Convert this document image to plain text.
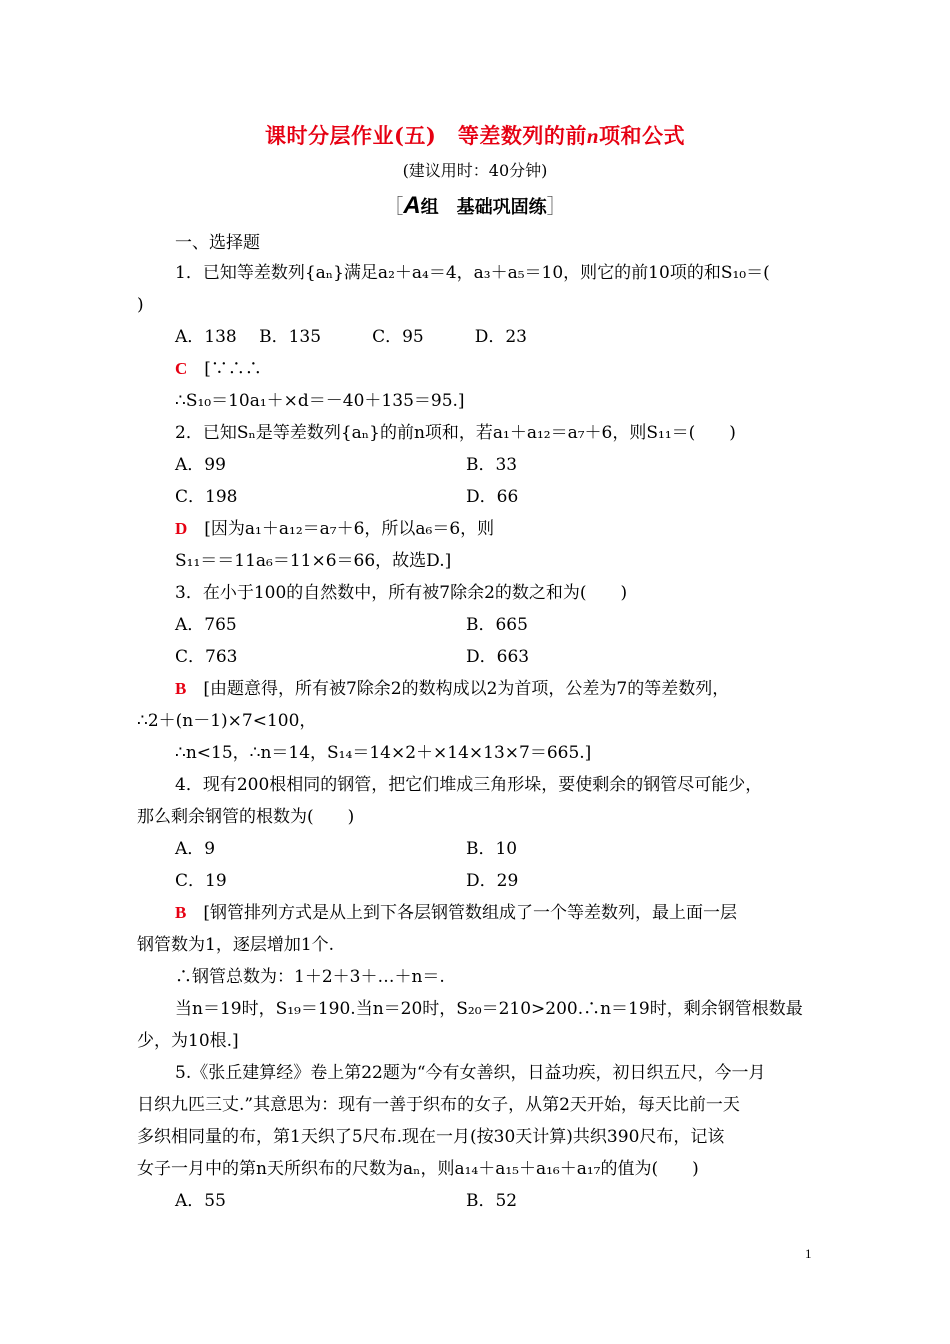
课时分层作业(五)　等差数列的前n项和公式
(建议用时：40分钟)
［A组　基础巩固练］
一、选择题
1．已知等差数列{aₙ}满足a₂＋a₄＝4，a₃＋a₅＝10，则它的前10项的和S₁₀＝(
)
A．138　 B．135　　　C．95　　　D．23
C　 [∵∴∴
∴S₁₀＝10a₁＋×d＝－40＋135＝95.]
2．已知Sₙ是等差数列{aₙ}的前n项和，若a₁＋a₁₂＝a₇＋6，则S₁₁＝(　　)
A．99	B．33
C．198	D．66
D　 [因为a₁＋a₁₂＝a₇＋6，所以a₆＝6，则
S₁₁＝＝11a₆＝11×6＝66，故选D.]
3．在小于100的自然数中，所有被7除余2的数之和为(　　)
A．765	B．665
C．763	D．663
B　 [由题意得，所有被7除余2的数构成以2为首项，公差为7的等差数列，
∴2＋(n－1)×7<100，
∴n<15，∴n＝14，S₁₄＝14×2＋×14×13×7＝665.]
4．现有200根相同的钢管，把它们堆成三角形垛，要使剩余的钢管尽可能少，
那么剩余钢管的根数为(　　)
A．9	B．10
C．19	D．29
B　 [钢管排列方式是从上到下各层钢管数组成了一个等差数列，最上面一层
钢管数为1，逐层增加1个.
∴钢管总数为：1＋2＋3＋…＋n＝.
当n＝19时，S₁₉＝190.当n＝20时，S₂₀＝210>200.∴n＝19时，剩余钢管根数最
少，为10根.]
5.《张丘建算经》卷上第22题为“今有女善织，日益功疾，初日织五尺，今一月
日织九匹三丈.”其意思为：现有一善于织布的女子，从第2天开始，每天比前一天
多织相同量的布，第1天织了5尺布.现在一月(按30天计算)共织390尺布，记该
女子一月中的第n天所织布的尺数为aₙ，则a₁₄＋a₁₅＋a₁₆＋a₁₇的值为(　　)
A．55	B．52
1
